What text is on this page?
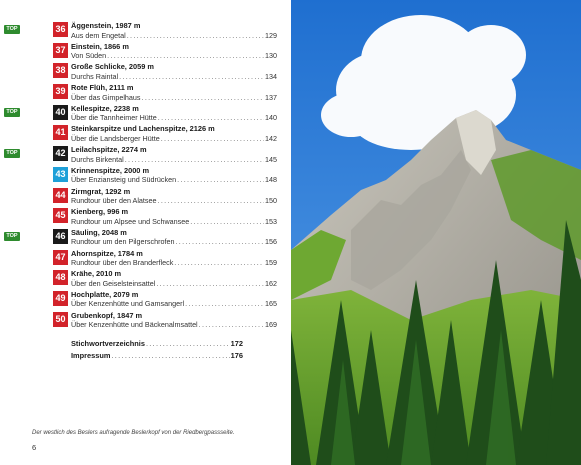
TOP	36 Äggenstein, 1987 m
Aus dem Engetal .....	129
37 Einstein, 1866 m
Von Süden .....	130
38 Große Schlicke, 2059 m
Durchs Raintal .....	134
39 Rote Flüh, 2111 m
Über das Gimpelhaus .....	137
TOP	40 Kellespitze, 2238 m
Über die Tannheimer Hütte .....	140
41 Steinkarspitze und Lachenspitze, 2126 m
Über die Landsberger Hütte .....	142
TOP	42 Leilachspitze, 2274 m
Durchs Birkental .....	145
43 Krinnenspitze, 2000 m
Über Enziansteig und Südrücken .....	148
44 Zirmgrat, 1292 m
Rundtour über den Alatsee .....	150
45 Kienberg, 996 m
Rundtour um Alpsee und Schwansee .....	153
TOP	46 Säuling, 2048 m
Rundtour um den Pilgerschrofen .....	156
47 Ahornspitze, 1784 m
Rundtour über den Branderfleck .....	159
48 Krähe, 2010 m
Über den Geiselsteinsattel .....	162
49 Hochplatte, 2079 m
Über Kenzenhütte und Gamsangerl .....	165
50 Grubenkopf, 1847 m
Über Kenzenhütte und Bäckenalmsattel .....	169
Stichwortverzeichnis .....	172
Impressum .....	176
Der westlich des Beslers aufragende Beslerkopf von der Riedbergpassseite.
6
